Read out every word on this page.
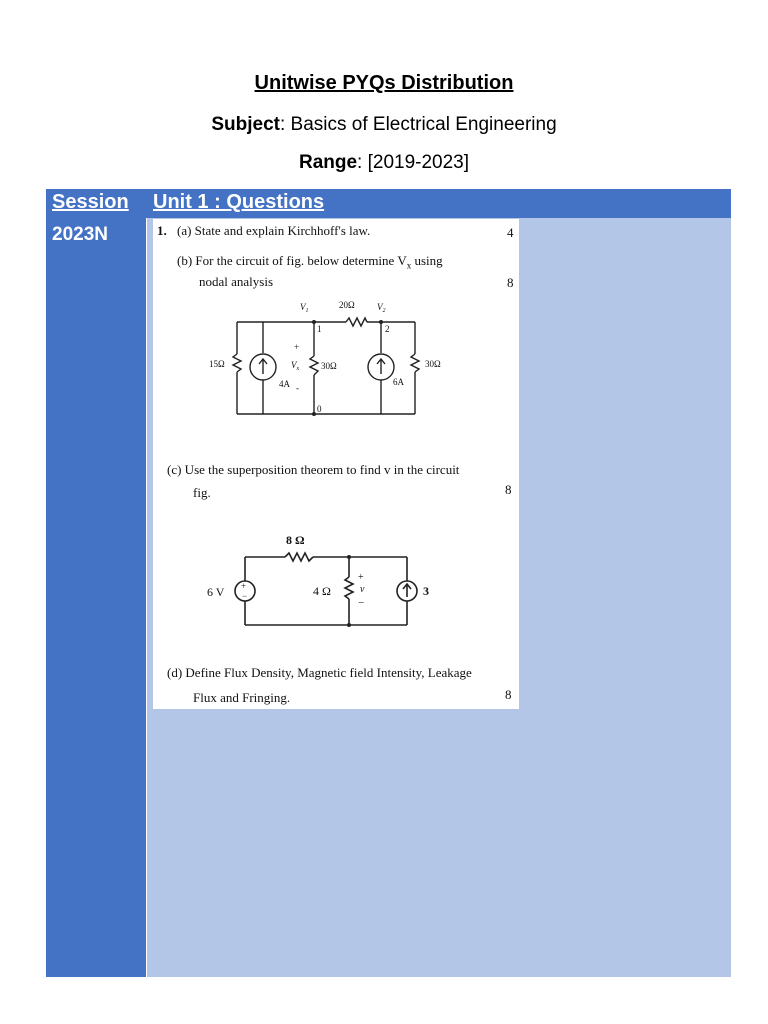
Unitwise PYQs Distribution
Subject: Basics of Electrical Engineering
Range: [2019-2023]
Session Unit 1 : Questions
2023N	1. (a) State and explain Kirchhoff's law.	4
(b) For the circuit of fig. below determine $V_x$ using
nodal analysis	8
$V_1$
20Ω $V_2$
1	2
0
15Ω
4A
+
$V_x$
-
30Ω
6A
30Ω
(c) Use the superposition theorem to find v in the circuit
fig.	8
+
−
8 Ω
6 V	4 Ω
+
v
−
3
(d) Define Flux Density, Magnetic field Intensity, Leakage
Flux and Fringing.	8
